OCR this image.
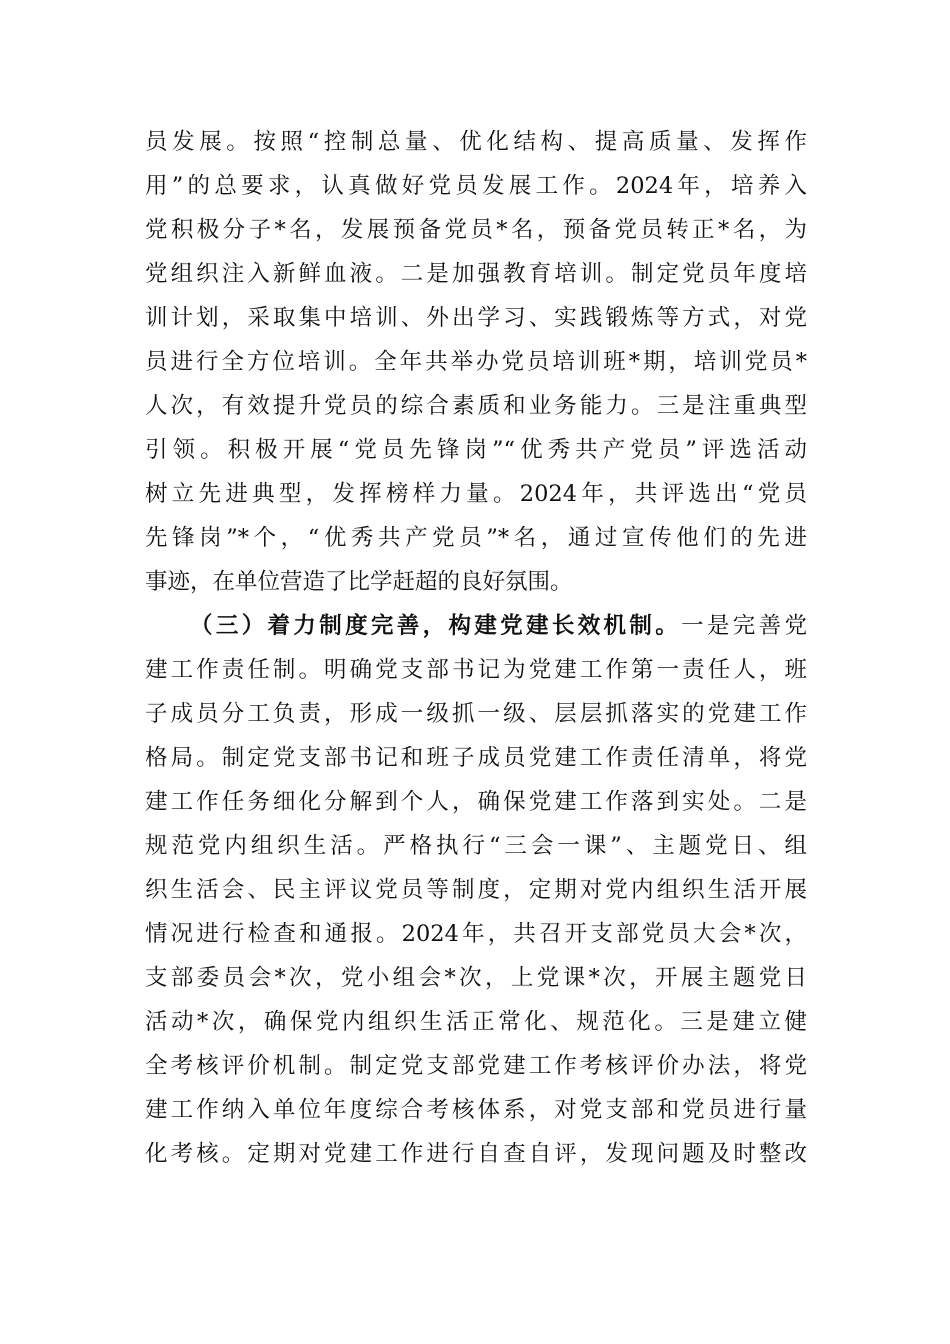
员发展。按照“控制总量、优化结构、提高质量、发挥作
用”的总要求，认真做好党员发展工作。2024年，培养入
党积极分子*名，发展预备党员*名，预备党员转正*名，为
党组织注入新鲜血液。二是加强教育培训。制定党员年度培
训计划，采取集中培训、外出学习、实践锻炼等方式，对党
员进行全方位培训。全年共举办党员培训班*期，培训党员*
人次，有效提升党员的综合素质和业务能力。三是注重典型
引领。积极开展“党员先锋岗”“优秀共产党员”评选活动
树立先进典型，发挥榜样力量。2024年，共评选出“党员
先锋岗”*个，“优秀共产党员”*名，通过宣传他们的先进
事迹，在单位营造了比学赶超的良好氛围。
（三）着力制度完善，构建党建长效机制。一是完善党
建工作责任制。明确党支部书记为党建工作第一责任人，班
子成员分工负责，形成一级抓一级、层层抓落实的党建工作
格局。制定党支部书记和班子成员党建工作责任清单，将党
建工作任务细化分解到个人，确保党建工作落到实处。二是
规范党内组织生活。严格执行“三会一课”、主题党日、组
织生活会、民主评议党员等制度，定期对党内组织生活开展
情况进行检查和通报。2024年，共召开支部党员大会*次，
支部委员会*次，党小组会*次，上党课*次，开展主题党日
活动*次，确保党内组织生活正常化、规范化。三是建立健
全考核评价机制。制定党支部党建工作考核评价办法，将党
建工作纳入单位年度综合考核体系，对党支部和党员进行量
化考核。定期对党建工作进行自查自评，发现问题及时整改
